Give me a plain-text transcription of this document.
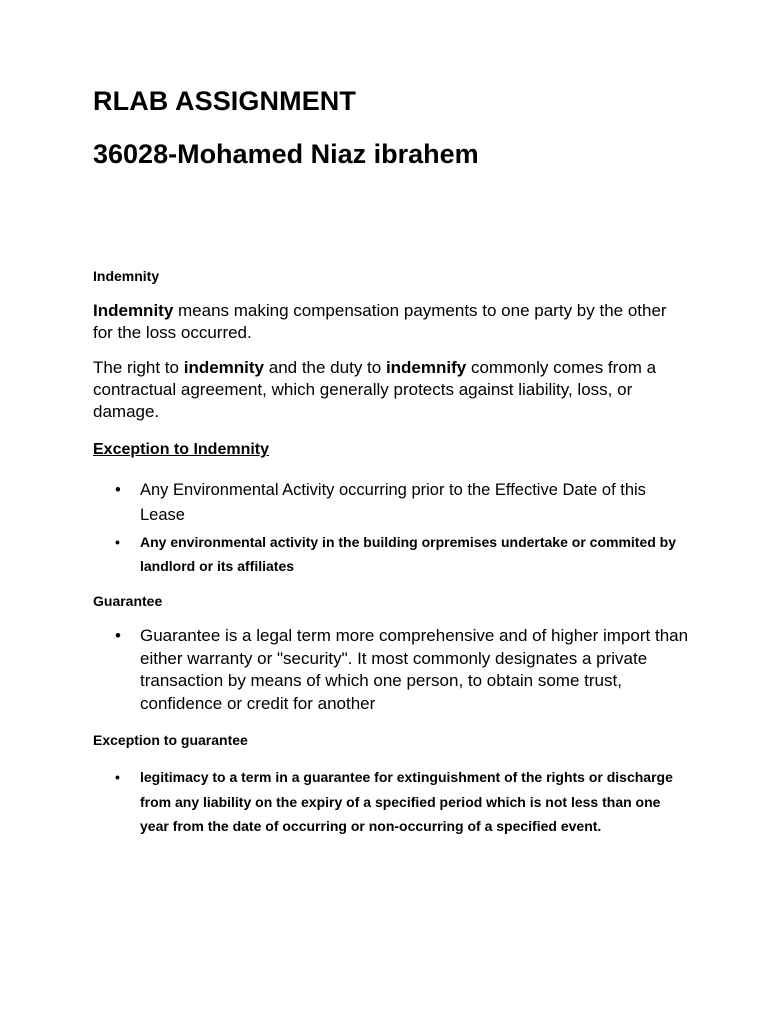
RLAB ASSIGNMENT
36028-Mohamed Niaz ibrahem
Indemnity
Indemnity means making compensation payments to one party by the other for the loss occurred.
The right to indemnity and the duty to indemnify commonly comes from a contractual agreement, which generally protects against liability, loss, or damage.
Exception to Indemnity
• Any Environmental Activity occurring prior to the Effective Date of this Lease
• Any environmental activity in the building orpremises undertake or commited by landlord or its affiliates
Guarantee
• Guarantee is a legal term more comprehensive and of higher import than either warranty or "security". It most commonly designates a private transaction by means of which one person, to obtain some trust, confidence or credit for another
Exception to guarantee
• legitimacy to a term in a guarantee for extinguishment of the rights or discharge from any liability on the expiry of a specified period which is not less than one year from the date of occurring or non-occurring of a specified event.
